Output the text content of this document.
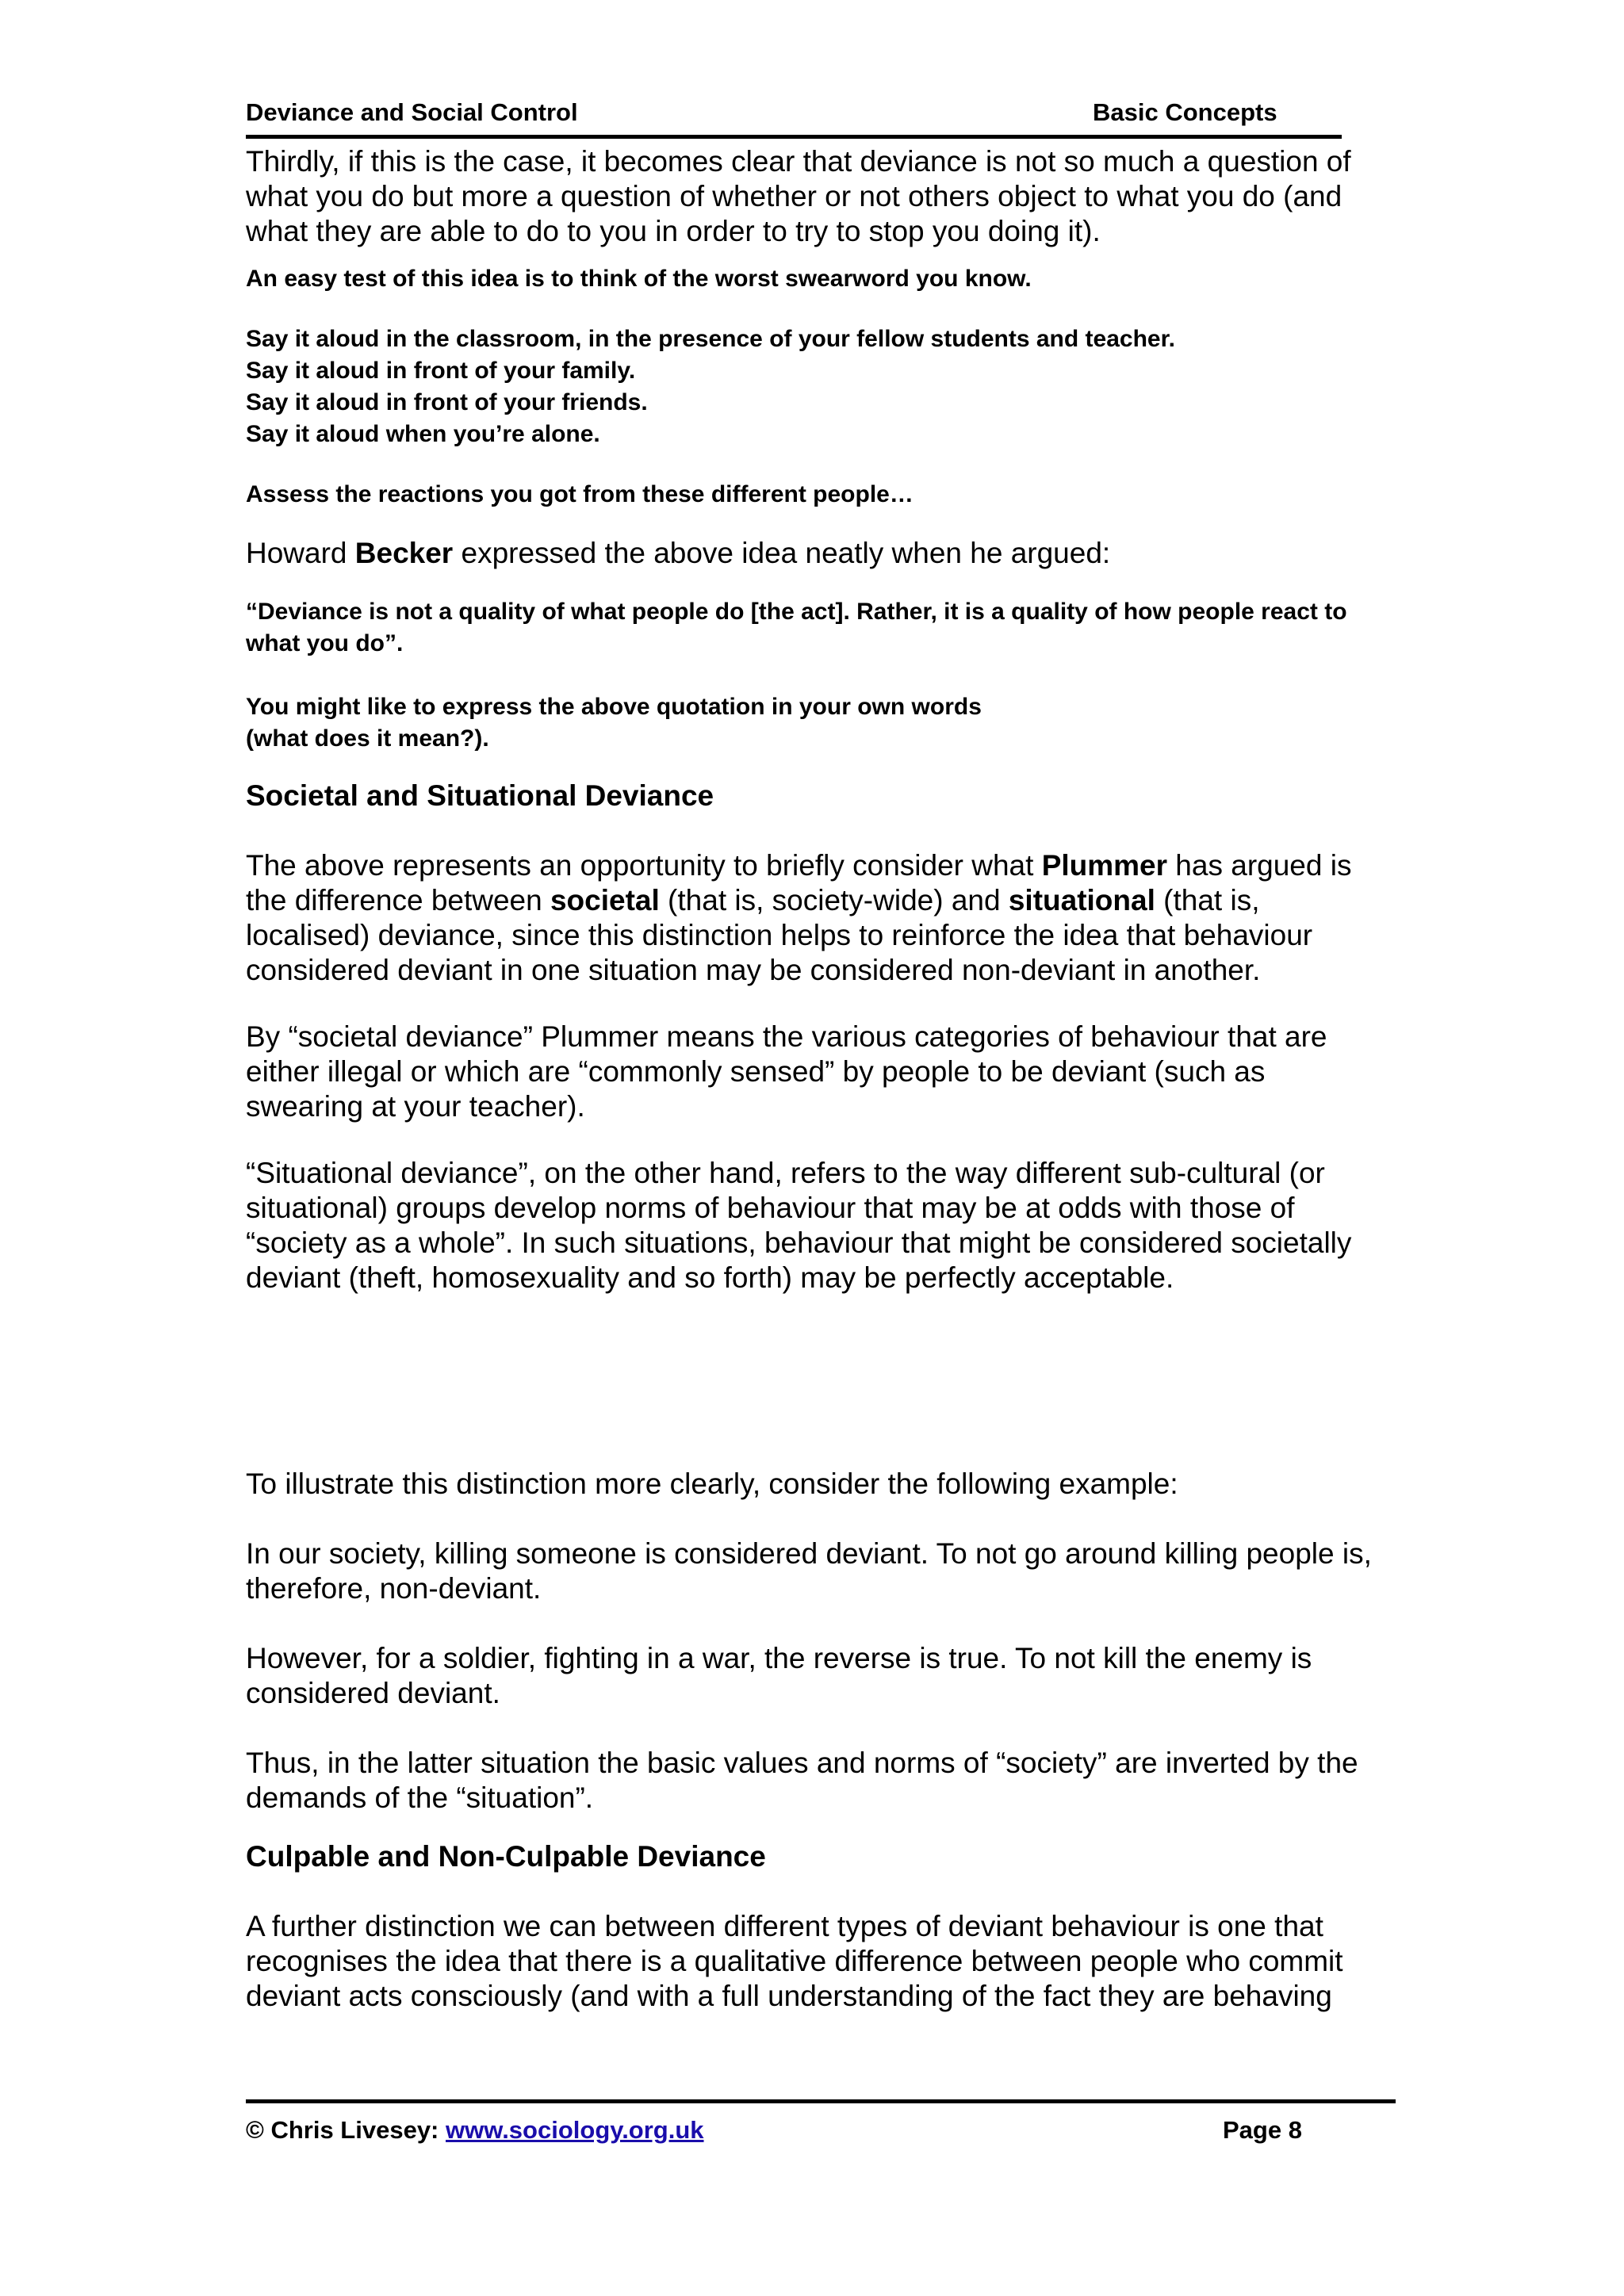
Deviance and Social Control	Basic Concepts

Thirdly, if this is the case, it becomes clear that deviance is not so much a question of what you do but more a question of whether or not others object to what you do (and what they are able to do to you in order to try to stop you doing it).

An easy test of this idea is to think of the worst swearword you know.

Say it aloud in the classroom, in the presence of your fellow students and teacher.

Say it aloud in front of your family.

Say it aloud in front of your friends.

Say it aloud when you’re alone.

Assess the reactions you got from these different people…

Howard Becker expressed the above idea neatly when he argued:

“Deviance is not a quality of what people do [the act]. Rather, it is a quality of how people react to what you do”.

You might like to express the above quotation in your own words

(what does it mean?).

Societal and Situational Deviance

The above represents an opportunity to briefly consider what Plummer has argued is the difference between societal (that is, society-wide) and situational (that is, localised) deviance, since this distinction helps to reinforce the idea that behaviour considered deviant in one situation may be considered non-deviant in another.

By “societal deviance” Plummer means the various categories of behaviour that are either illegal or which are “commonly sensed” by people to be deviant (such as swearing at your teacher).

“Situational deviance”, on the other hand, refers to the way different sub-cultural (or situational) groups develop norms of behaviour that may be at odds with those of “society as a whole”. In such situations, behaviour that might be considered societally deviant (theft, homosexuality and so forth) may be perfectly acceptable.

To illustrate this distinction more clearly, consider the following example:

In our society, killing someone is considered deviant. To not go around killing people is, therefore, non-deviant.

However, for a soldier, fighting in a war, the reverse is true. To not kill the enemy is considered deviant.

Thus, in the latter situation the basic values and norms of “society” are inverted by the demands of the “situation”.

Culpable and Non-Culpable Deviance

A further distinction we can between different types of deviant behaviour is one that recognises the idea that there is a qualitative difference between people who commit deviant acts consciously (and with a full understanding of the fact they are behaving

© Chris Livesey: www.sociology.org.uk	Page 8
